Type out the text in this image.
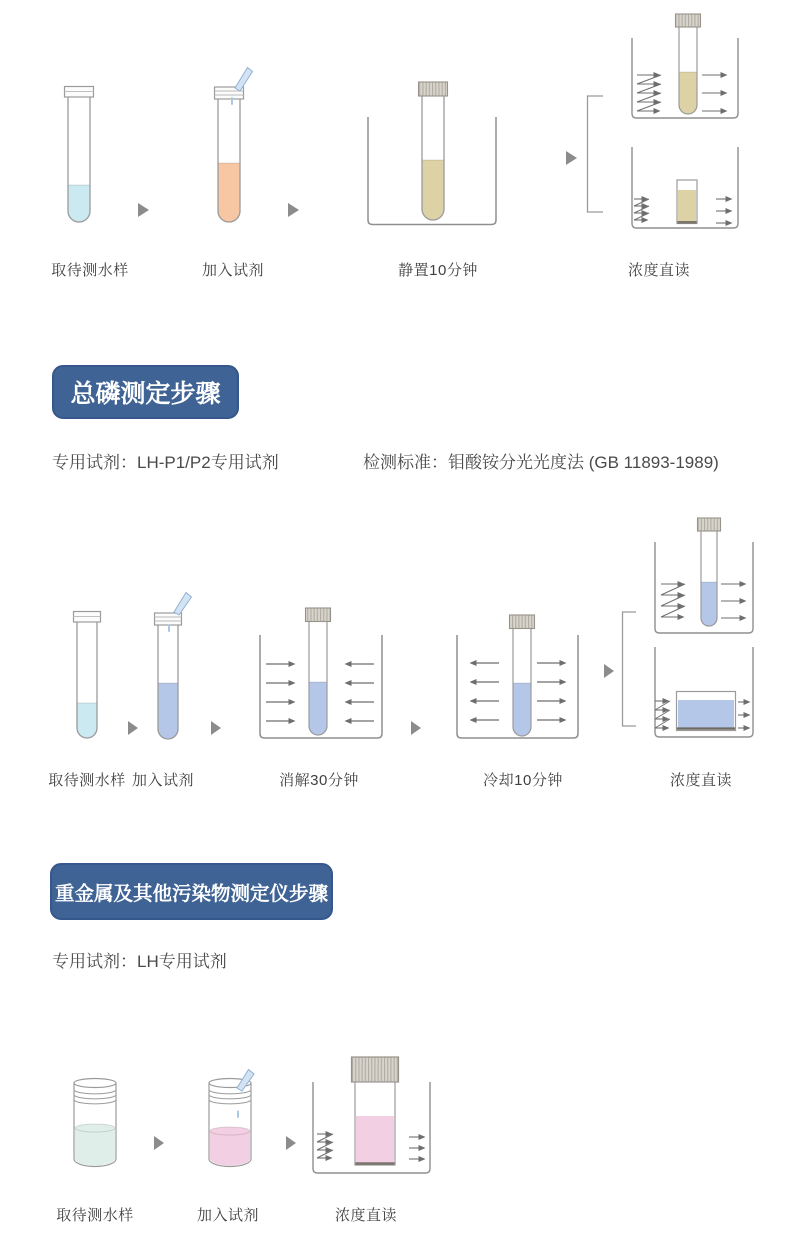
取待测水样	加入试剂	静置10分钟	浓度直读
总磷测定步骤
专用试剂：LH-P1/P2专用试剂	检测标准：钼酸铵分光光度法 (GB 11893-1989)
取待测水样 加入试剂	消解30分钟	冷却10分钟	浓度直读
重金属及其他污染物测定仪步骤
专用试剂：LH专用试剂
取待测水样	加入试剂	浓度直读
